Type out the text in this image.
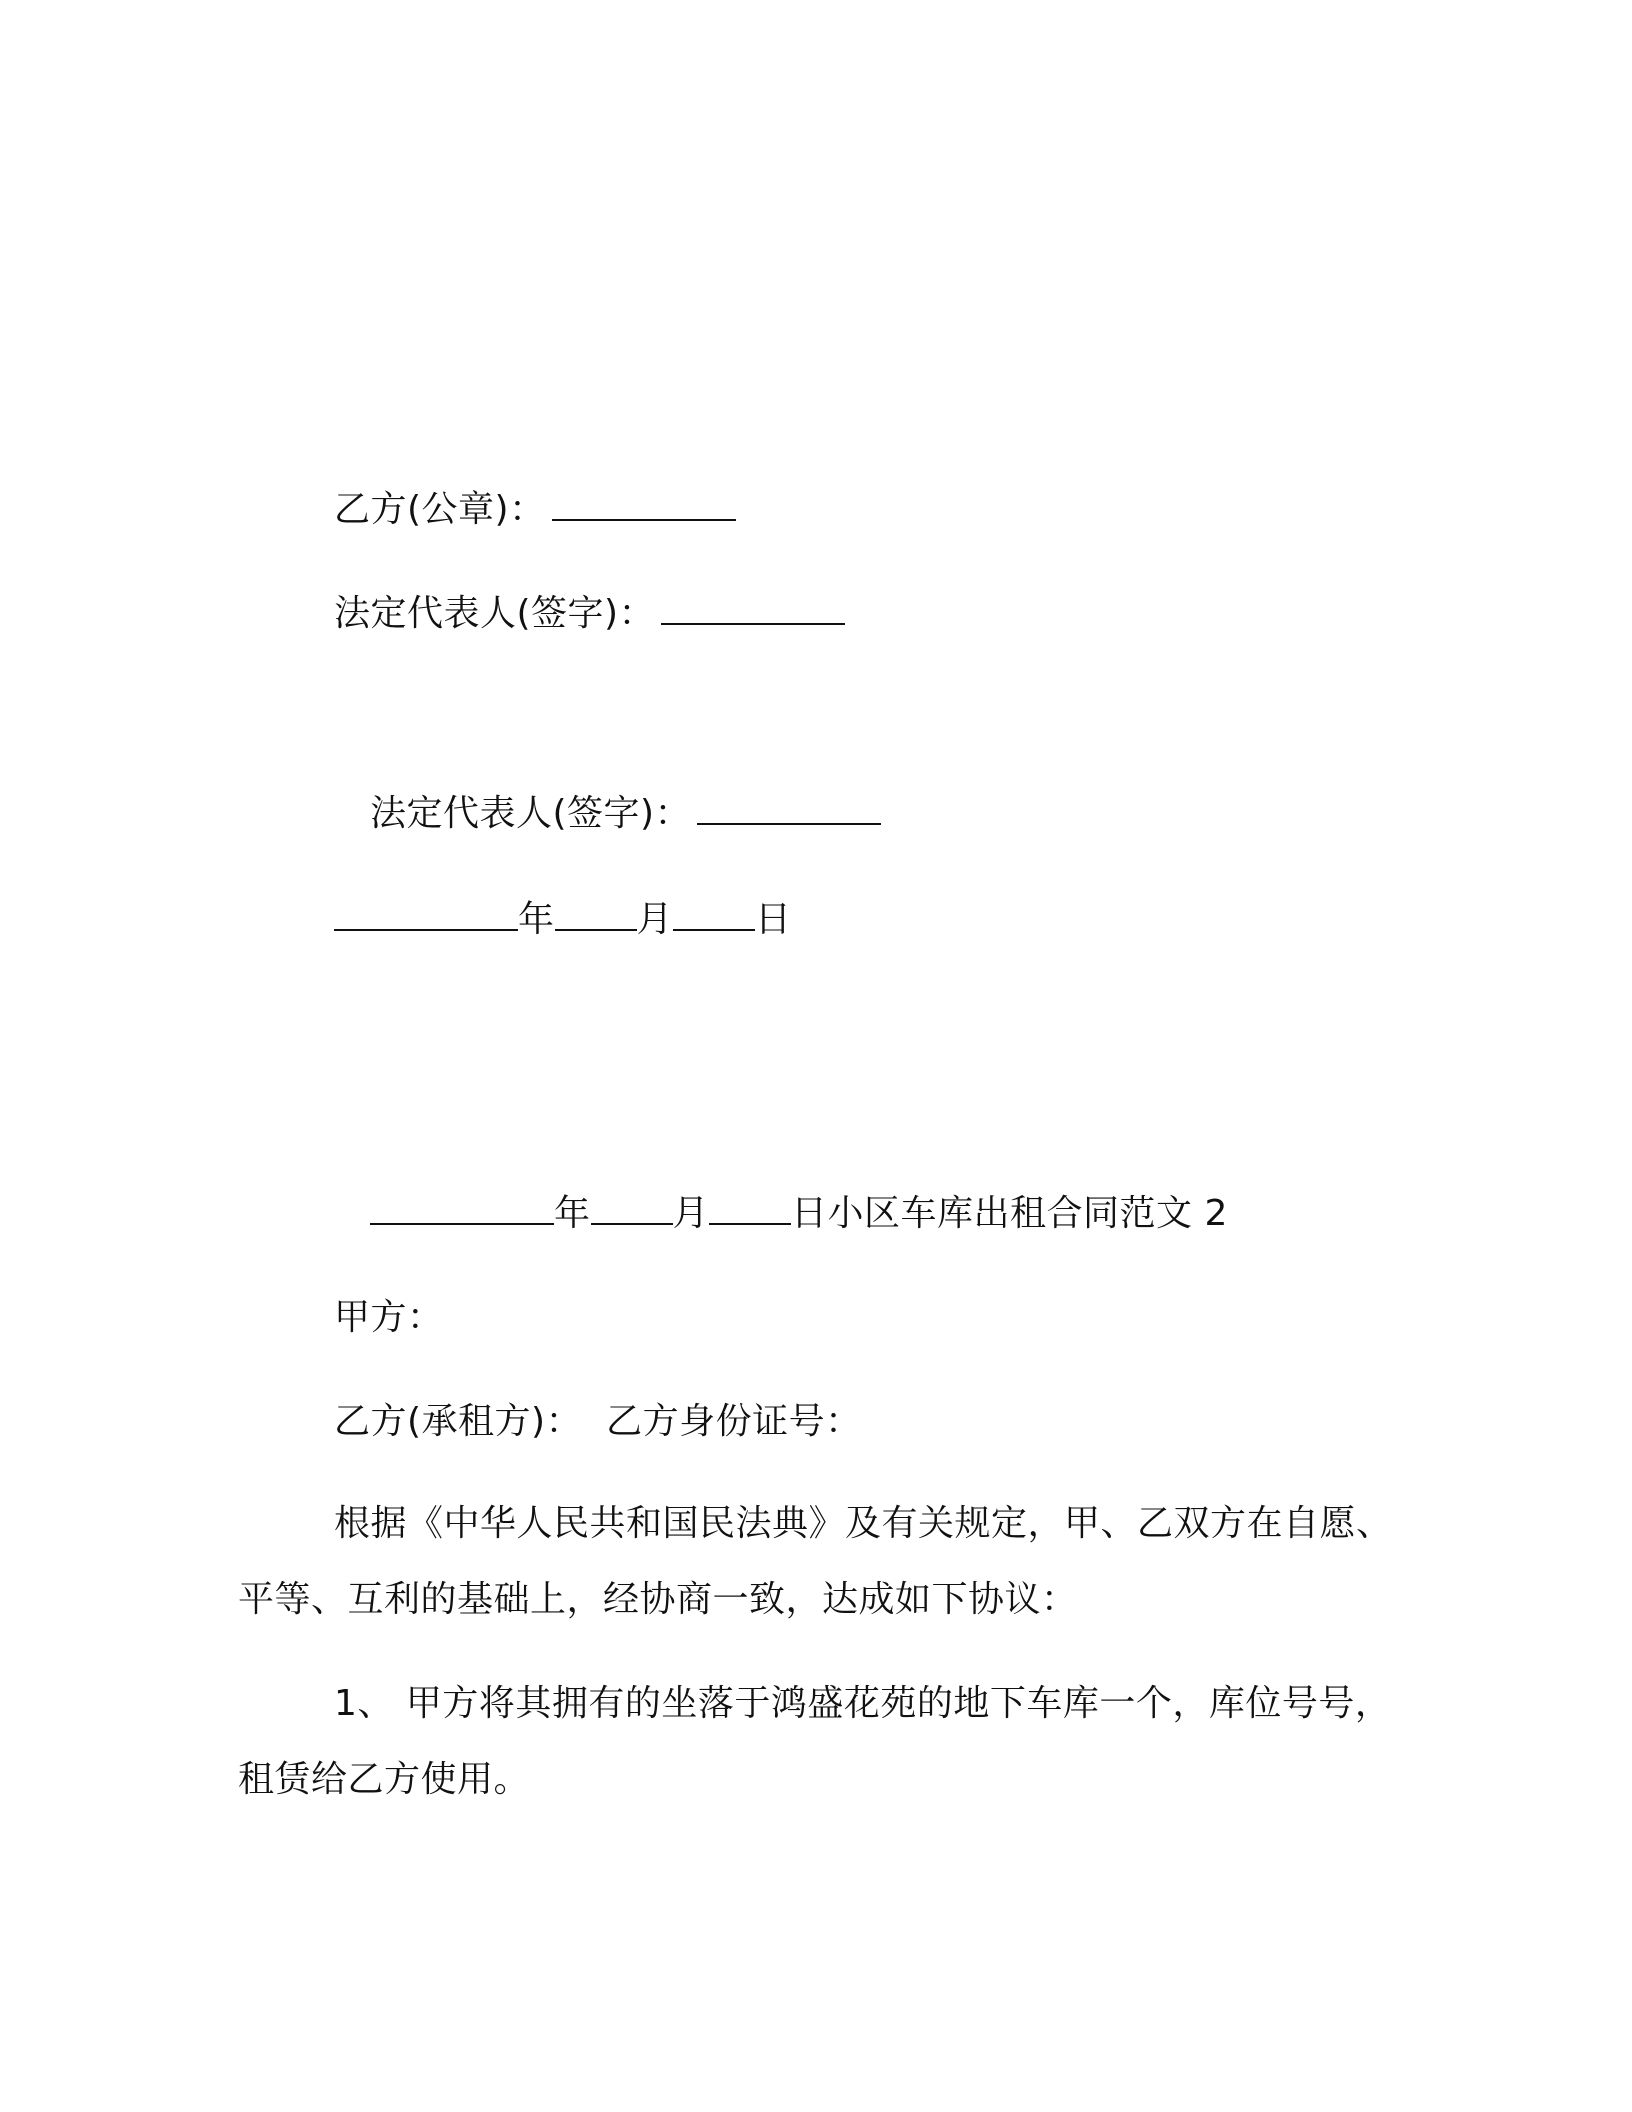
乙方(公章)：
法定代表人(签字)：
法定代表人(签字)：
年 月 日
年 月 日小区车库出租合同范文 2
甲方：
乙方(承租方)： 乙方身份证号：
根据《中华人民共和国民法典》及有关规定，甲、乙双方在自愿、
平等、互利的基础上，经协商一致，达成如下协议：
1、 甲方将其拥有的坐落于鸿盛花苑的地下车库一个，库位号号，
租赁给乙方使用。
